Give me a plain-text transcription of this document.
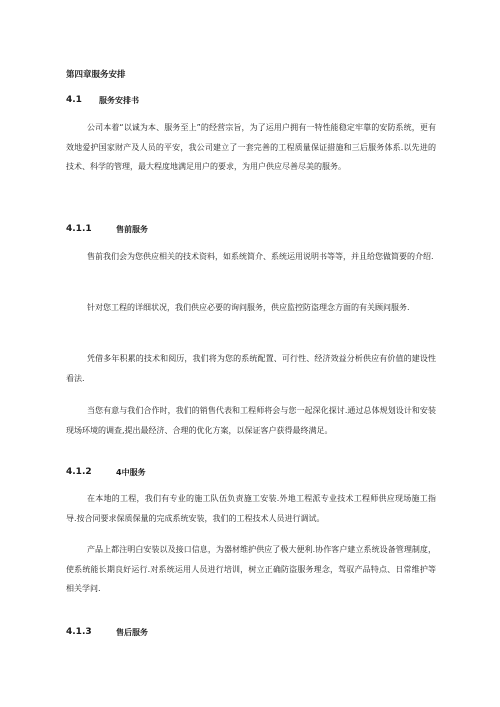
第四章服务安排
4.1 服务安排书
公司本着“以诚为本、服务至上”的经营宗旨，为了运用户拥有一特性能稳定牢靠的安防系统，更有效地爱护国家财产及人员的平安，我公司建立了一套完善的工程质量保证措施和三后服务体系.以先进的技术、科学的管理，最大程度地满足用户的要求，为用户供应尽善尽美的服务。
4.1.1	售前服务
售前我们会为您供应相关的技术资料，如系统简介、系统运用说明书等等，并且给您做简要的介绍.
针对您工程的详细状况，我们供应必要的询问服务，供应监控防盗理念方面的有关顾问服务.
凭借多年积累的技术和阅历，我们将为您的系统配置、可行性、经济效益分析供应有价值的建设性看法.
当您有意与我们合作时，我们的销售代表和工程师将会与您一起深化探讨.通过总体规划设计和安装现场环境的调查,提出最经济、合理的优化方案，以保证客户获得最终满足。
4.1.2	4中服务
在本地的工程，我们有专业的施工队伍负责施工安装.外地工程派专业技术工程师供应现场施工指导.按合同要求保质保量的完成系统安装，我们的工程技术人员进行调试。
产品上都注明白安装以及接口信息，为器材维护供应了极大便利.协作客户建立系统设备管理制度，使系统能长期良好运行.对系统运用人员进行培训，树立正确防盗服务理念，驾驭产品特点、日常维护等相关学问.
4.1.3	售后服务
